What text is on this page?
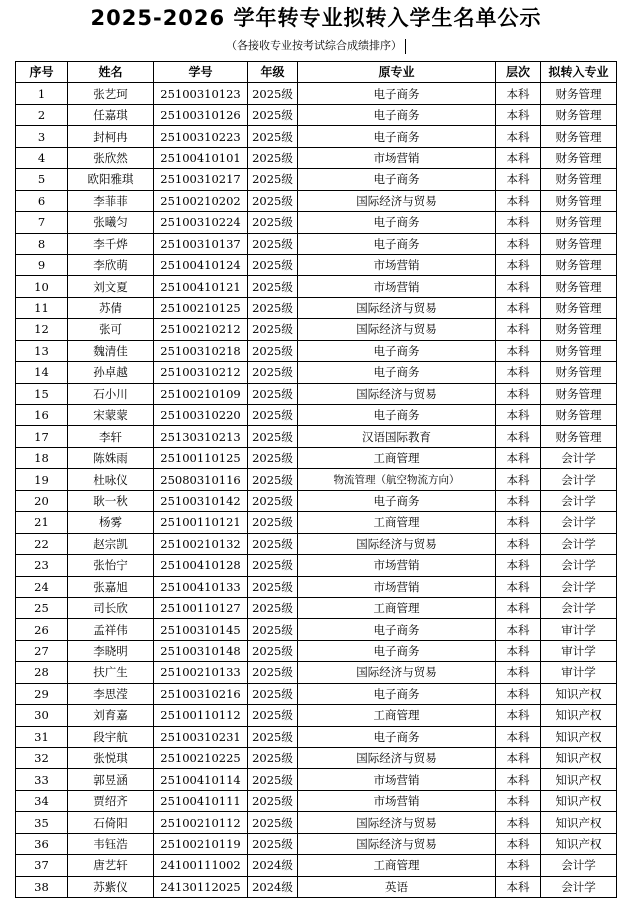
2025-2026 学年转专业拟转入学生名单公示
（各接收专业按考试综合成绩排序）
序号	姓名	学号	年级	原专业	层次	拟转入专业
1	张艺珂	25100310123	2025级	电子商务	本科	财务管理
2	任嘉琪	25100310126	2025级	电子商务	本科	财务管理
3	封柯冉	25100310223	2025级	电子商务	本科	财务管理
4	张欣然	25100410101	2025级	市场营销	本科	财务管理
5	欧阳雅琪	25100310217	2025级	电子商务	本科	财务管理
6	李菲菲	25100210202	2025级	国际经济与贸易	本科	财务管理
7	张曦匀	25100310224	2025级	电子商务	本科	财务管理
8	李千烨	25100310137	2025级	电子商务	本科	财务管理
9	李欣萌	25100410124	2025级	市场营销	本科	财务管理
10	刘文夏	25100410121	2025级	市场营销	本科	财务管理
11	苏倩	25100210125	2025级	国际经济与贸易	本科	财务管理
12	张可	25100210212	2025级	国际经济与贸易	本科	财务管理
13	魏清佳	25100310218	2025级	电子商务	本科	财务管理
14	孙卓越	25100310212	2025级	电子商务	本科	财务管理
15	石小川	25100210109	2025级	国际经济与贸易	本科	财务管理
16	宋蒙蒙	25100310220	2025级	电子商务	本科	财务管理
17	李轩	25130310213	2025级	汉语国际教育	本科	财务管理
18	陈姝雨	25100110125	2025级	工商管理	本科	会计学
19	杜咏仪	25080310116	2025级	物流管理（航空物流方向）	本科	会计学
20	耿一秋	25100310142	2025级	电子商务	本科	会计学
21	杨雾	25100110121	2025级	工商管理	本科	会计学
22	赵宗凯	25100210132	2025级	国际经济与贸易	本科	会计学
23	张怡宁	25100410128	2025级	市场营销	本科	会计学
24	张嘉旭	25100410133	2025级	市场营销	本科	会计学
25	司长欣	25100110127	2025级	工商管理	本科	会计学
26	孟祥伟	25100310145	2025级	电子商务	本科	审计学
27	李晓明	25100310148	2025级	电子商务	本科	审计学
28	扶广生	25100210133	2025级	国际经济与贸易	本科	审计学
29	李思滢	25100310216	2025级	电子商务	本科	知识产权
30	刘育嘉	25100110112	2025级	工商管理	本科	知识产权
31	段宇航	25100310231	2025级	电子商务	本科	知识产权
32	张悦琪	25100210225	2025级	国际经济与贸易	本科	知识产权
33	郭昱涵	25100410114	2025级	市场营销	本科	知识产权
34	贾绍齐	25100410111	2025级	市场营销	本科	知识产权
35	石倚阳	25100210112	2025级	国际经济与贸易	本科	知识产权
36	韦钰浩	25100210119	2025级	国际经济与贸易	本科	知识产权
37	唐艺轩	24100111002	2024级	工商管理	本科	会计学
38	苏紫仪	24130112025	2024级	英语	本科	会计学
